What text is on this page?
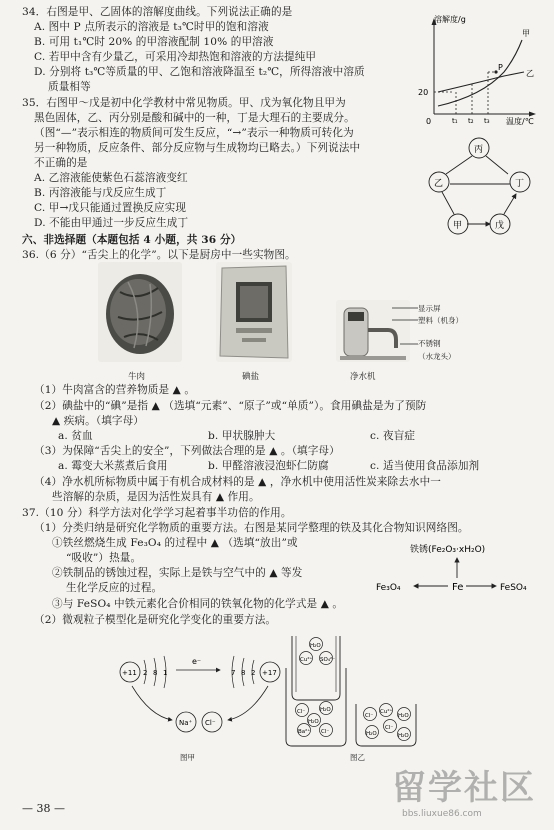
34．右图是甲、乙固体的溶解度曲线。下列说法正确的是
A. 图中 P 点所表示的溶液是 t₃℃时甲的饱和溶液
B. 可用 t₁℃时 20% 的甲溶液配制 10% 的甲溶液
C. 若甲中含有少量乙，可采用冷却热饱和溶液的方法提纯甲
D. 分别将 t₃℃等质量的甲、乙饱和溶液降温至 t₂℃，所得溶液中溶质
质量相等
溶解度/g
温度/℃
0
20
t₁ t₂ t₃
甲
乙
P
35．右图甲～戊是初中化学教材中常见物质。甲、戊为氧化物且甲为
黑色固体，乙、丙分别是酸和碱中的一种，丁是大理石的主要成分。
（图“—”表示相连的物质间可发生反应，“→”表示一种物质可转化为
另一种物质，反应条件、部分反应物与生成物均已略去。）下列说法中
不正确的是
A. 乙溶液能使紫色石蕊溶液变红
B. 丙溶液能与戊反应生成丁
C. 甲→戊只能通过置换反应实现
D. 不能由甲通过一步反应生成丁
丙
乙	丁
甲	戊
六、非选择题（本题包括 4 小题，共 36 分）
36.（6 分）“舌尖上的化学”。以下是厨房中一些实物图。
牛肉	碘盐
显示屏
塑料（机身）
不锈钢
（水龙头）
净水机
（1）牛肉富含的营养物质是 ▲ 。
（2）碘盐中的“碘”是指 ▲ （选填“元素”、“原子”或“单质”）。食用碘盐是为了预防
▲ 疾病。（填字母）
a. 贫血	b. 甲状腺肿大	c. 夜盲症
（3）为保障“舌尖上的安全”，下列做法合理的是 ▲ 。（填字母）
a. 霉变大米蒸煮后食用	b. 甲醛溶液浸泡虾仁防腐	c. 适当使用食品添加剂
（4）净水机所标物质中属于有机合成材料的是 ▲ ，净水机中使用活性炭来除去水中一
些溶解的杂质，是因为活性炭具有 ▲ 作用。
37.（10 分）科学方法对化学学习起着事半功倍的作用。
（1）分类归纳是研究化学物质的重要方法。右图是某同学整理的铁及其化合物知识网络图。
①铁丝燃烧生成 Fe₃O₄ 的过程中 ▲ （选填“放出”或
“吸收”）热量。
②铁制品的锈蚀过程，实际上是铁与空气中的 ▲ 等发
生化学反应的过程。
③与 FeSO₄ 中铁元素化合价相同的铁氧化物的化学式是 ▲ 。
（2）微观粒子模型化是研究化学变化的重要方法。
铁锈(Fe₂O₃·xH₂O)
Fe
Fe₃O₄	FeSO₄
+11 2 8 1
e⁻
7 8 2 +17
Na⁺ Cl⁻
图甲
H₂O
Cu²⁺ SO₄²⁻
Cl⁻	H₂O
H₂O
Ba²⁺ Cl⁻
Cl⁻
Cu²⁺
H₂O
H₂O
Cl⁻
H₂O
图乙
— 38 —
留学社区
bbs.liuxue86.com
